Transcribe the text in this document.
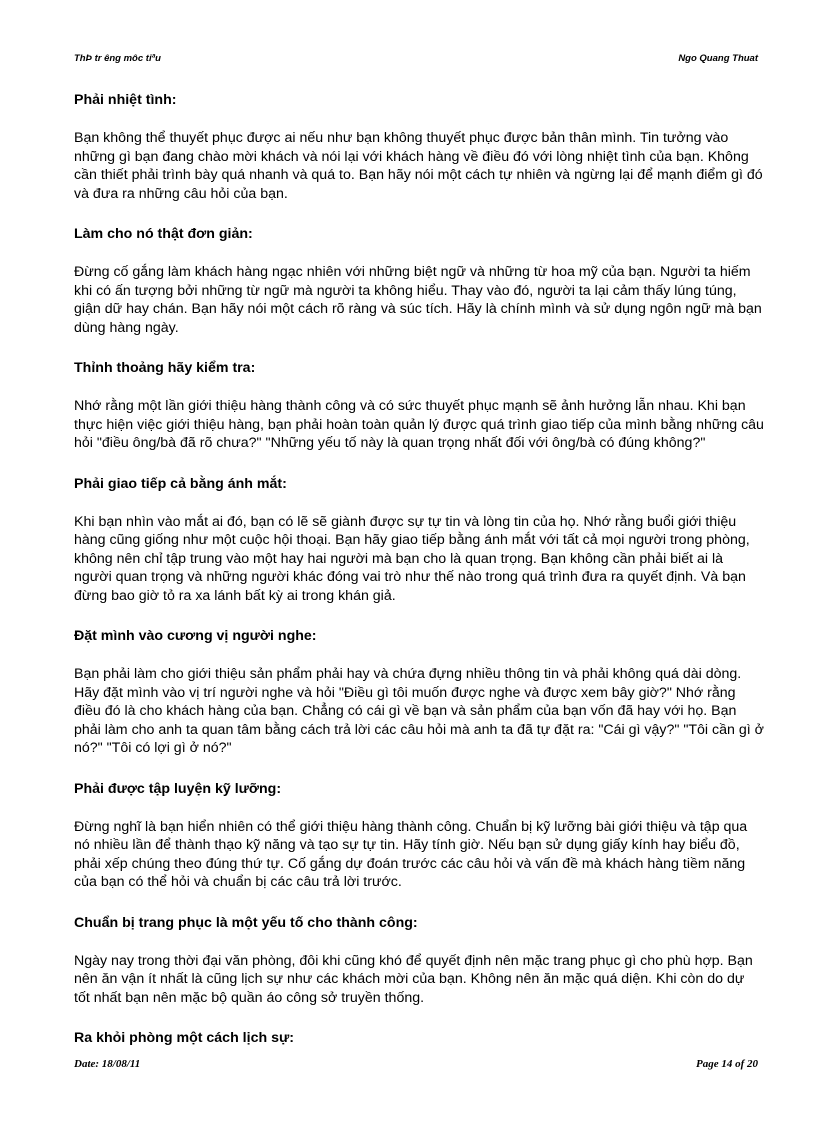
ThÞ tr êng môc tiªu	Ngo Quang Thuat
Phải nhiệt tình:

Bạn không thể thuyết phục được ai nếu như bạn không thuyết phục được bản thân mình. Tin tưởng vào những gì bạn đang chào mời khách và nói lại với khách hàng về điều đó với lòng nhiệt tình của bạn. Không cần thiết phải trình bày quá nhanh và quá to. Bạn hãy nói một cách tự nhiên và ngừng lại để mạnh điểm gì đó và đưa ra những câu hỏi của bạn.

Làm cho nó thật đơn giản:

Đừng cố gắng làm khách hàng ngạc nhiên với những biệt ngữ và những từ hoa mỹ của bạn. Người ta hiếm khi có ấn tượng bởi những từ ngữ mà người ta không hiểu. Thay vào đó, người ta lại cảm thấy lúng túng, giận dữ hay chán. Bạn hãy nói một cách rõ ràng và súc tích. Hãy là chính mình và sử dụng ngôn ngữ mà bạn dùng hàng ngày.

Thỉnh thoảng hãy kiểm tra:

Nhớ rằng một lần giới thiệu hàng thành công và có sức thuyết phục mạnh sẽ ảnh hưởng lẫn nhau. Khi bạn thực hiện việc giới thiệu hàng, bạn phải hoàn toàn quản lý được quá trình giao tiếp của mình bằng những câu hỏi "điều ông/bà đã rõ chưa?" "Những yếu tố này là quan trọng nhất đối với ông/bà có đúng không?"

Phải giao tiếp cả bằng ánh mắt:

Khi bạn nhìn vào mắt ai đó, bạn có lẽ sẽ giành được sự tự tin và lòng tin của họ. Nhớ rằng buổi giới thiệu hàng cũng giống như một cuộc hội thoại. Bạn hãy giao tiếp bằng ánh mắt với tất cả mọi người trong phòng, không nên chỉ tập trung vào một hay hai người mà bạn cho là quan trọng. Bạn không cần phải biết ai là người quan trọng và những người khác đóng vai trò như thế nào trong quá trình đưa ra quyết định. Và bạn đừng bao giờ tỏ ra xa lánh bất kỳ ai trong khán giả.

Đặt mình vào cương vị người nghe:

Bạn phải làm cho giới thiệu sản phẩm phải hay và chứa đựng nhiều thông tin và phải không quá dài dòng. Hãy đặt mình vào vị trí người nghe và hỏi "Điều gì tôi muốn được nghe và được xem bây giờ?" Nhớ rằng điều đó là cho khách hàng của bạn. Chẳng có cái gì về bạn và sản phẩm của bạn vốn đã hay với họ. Bạn phải làm cho anh ta quan tâm bằng cách trả lời các câu hỏi mà anh ta đã tự đặt ra: "Cái gì vậy?" "Tôi cần gì ở nó?" "Tôi có lợi gì ở nó?"

Phải được tập luyện kỹ lưỡng:

Đừng nghĩ là bạn hiển nhiên có thể giới thiệu hàng thành công. Chuẩn bị kỹ lưỡng bài giới thiệu và tập qua nó nhiều lần để thành thạo kỹ năng và tạo sự tự tin. Hãy tính giờ. Nếu bạn sử dụng giấy kính hay biểu đồ, phải xếp chúng theo đúng thứ tự. Cố gắng dự đoán trước các câu hỏi và vấn đề mà khách hàng tiềm năng của bạn có thể hỏi và chuẩn bị các câu trả lời trước.

Chuẩn bị trang phục là một yếu tố cho thành công:

Ngày nay trong thời đại văn phòng, đôi khi cũng khó để quyết định nên mặc trang phục gì cho phù hợp. Bạn nên ăn vận ít nhất là cũng lịch sự như các khách mời của bạn. Không nên ăn mặc quá diện. Khi còn do dự tốt nhất bạn nên mặc bộ quần áo công sở truyền thống.

Ra khỏi phòng một cách lịch sự:
Date: 18/08/11	Page 14 of 20
